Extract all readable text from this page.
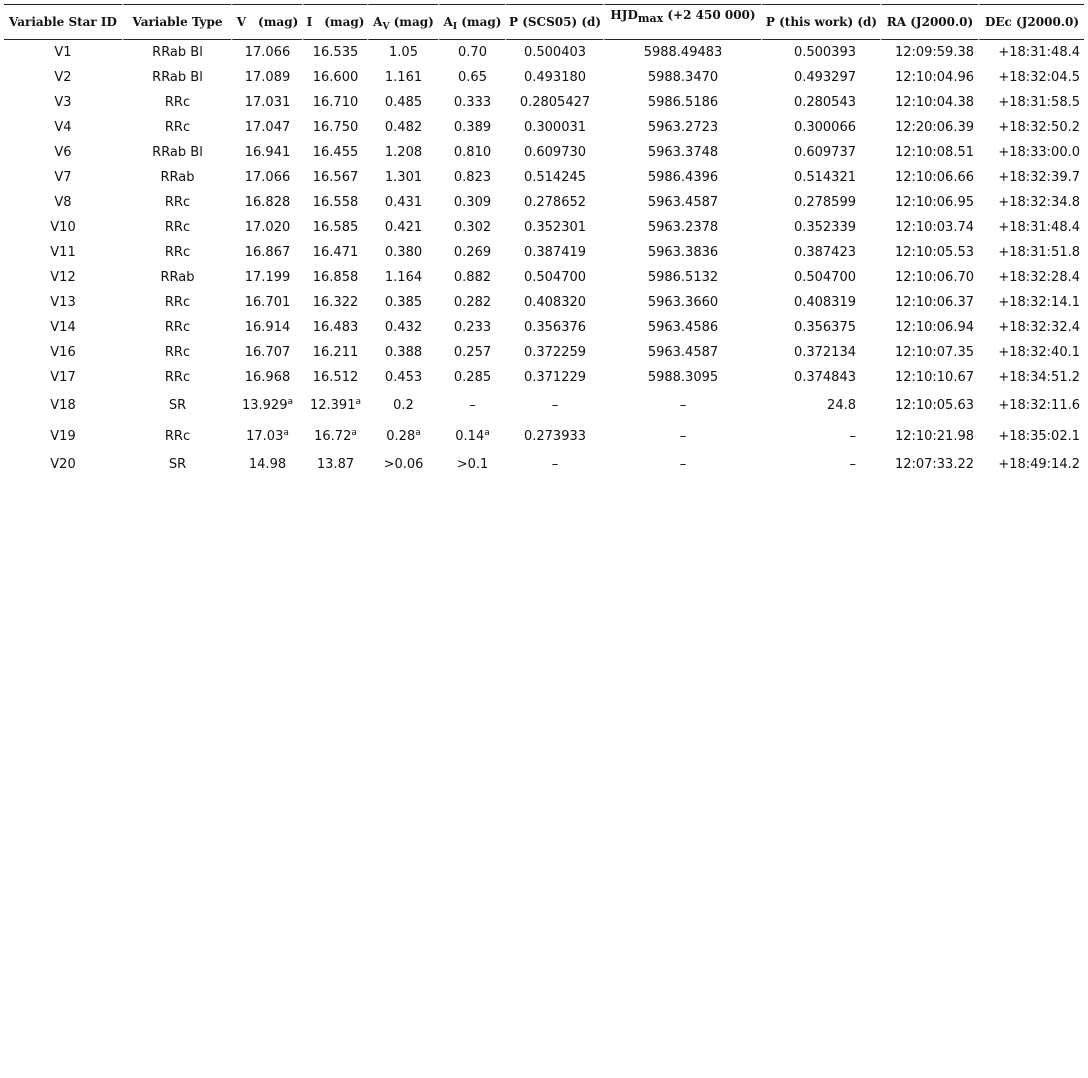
Variable Star ID	Variable Type	V (mag)	I (mag)	$A_V$ (mag)	$A_I$ (mag)	P (SCS05) (d)	HJDmax (+2 450 000)	P (this work) (d)	RA (J2000.0)	DEc (J2000.0)
V1	RRab Bl	17.066	16.535	1.05	0.70	0.500403	5988.49483	0.500393	12:09:59.38	+18:31:48.4
V2	RRab Bl	17.089	16.600	1.161	0.65	0.493180	5988.3470	0.493297	12:10:04.96	+18:32:04.5
V3	RRc	17.031	16.710	0.485	0.333	0.2805427	5986.5186	0.280543	12:10:04.38	+18:31:58.5
V4	RRc	17.047	16.750	0.482	0.389	0.300031	5963.2723	0.300066	12:20:06.39	+18:32:50.2
V6	RRab Bl	16.941	16.455	1.208	0.810	0.609730	5963.3748	0.609737	12:10:08.51	+18:33:00.0
V7	RRab	17.066	16.567	1.301	0.823	0.514245	5986.4396	0.514321	12:10:06.66	+18:32:39.7
V8	RRc	16.828	16.558	0.431	0.309	0.278652	5963.4587	0.278599	12:10:06.95	+18:32:34.8
V10	RRc	17.020	16.585	0.421	0.302	0.352301	5963.2378	0.352339	12:10:03.74	+18:31:48.4
V11	RRc	16.867	16.471	0.380	0.269	0.387419	5963.3836	0.387423	12:10:05.53	+18:31:51.8
V12	RRab	17.199	16.858	1.164	0.882	0.504700	5986.5132	0.504700	12:10:06.70	+18:32:28.4
V13	RRc	16.701	16.322	0.385	0.282	0.408320	5963.3660	0.408319	12:10:06.37	+18:32:14.1
V14	RRc	16.914	16.483	0.432	0.233	0.356376	5963.4586	0.356375	12:10:06.94	+18:32:32.4
V16	RRc	16.707	16.211	0.388	0.257	0.372259	5963.4587	0.372134	12:10:07.35	+18:32:40.1
V17	RRc	16.968	16.512	0.453	0.285	0.371229	5988.3095	0.374843	12:10:10.67	+18:34:51.2
V18	SR	13.929$^a$	12.391$^a$	0.2	–	–	–	24.8	12:10:05.63	+18:32:11.6
V19	RRc	17.03$^a$	16.72$^a$	0.28$^a$	0.14$^a$	0.273933	–	–	12:10:21.98	+18:35:02.1
V20	SR	14.98	13.87	>0.06	>0.1	–	–	–	12:07:33.22	+18:49:14.2
